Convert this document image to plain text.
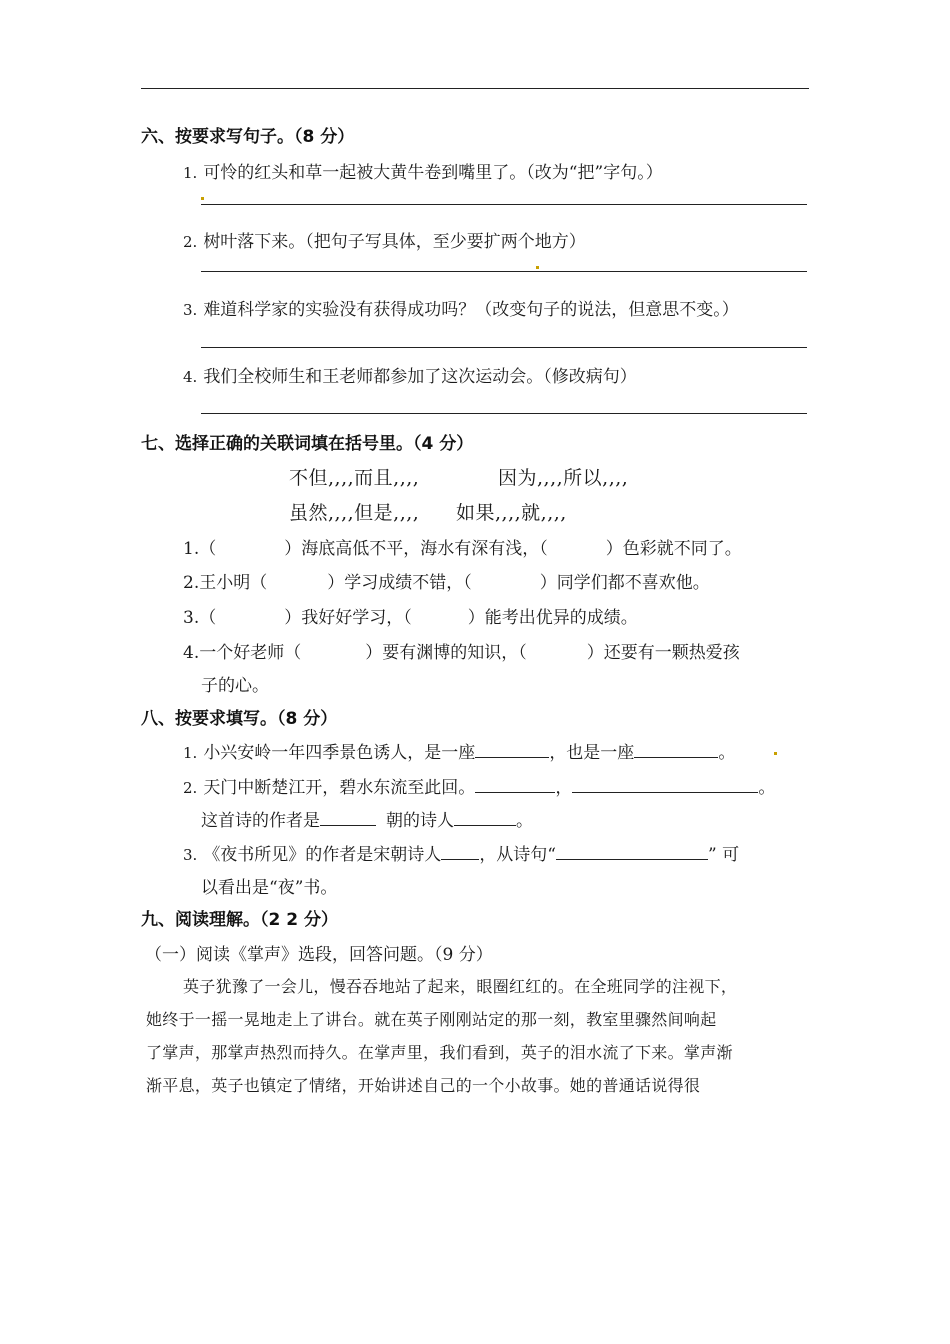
六、按要求写句子。（8 分）
1. 可怜的红头和草一起被大黄牛卷到嘴里了。（改为“把”字句。）
2. 树叶落下来。（把句子写具体，至少要扩两个地方）
3. 难道科学家的实验没有获得成功吗？（改变句子的说法，但意思不变。）
4. 我们全校师生和王老师都参加了这次运动会。（修改病句）
七、选择正确的关联词填在括号里。（4 分）
不但,,,,而且,,,,	因为,,,,所以,,,,
虽然,,,,但是,,,, 如果,,,,就,,,,
1.（	）海底高低不平，海水有深有浅，（	）色彩就不同了。
2.王小明（	）学习成绩不错，（	）同学们都不喜欢他。
3.（	）我好好学习，（	）能考出优异的成绩。
4.一个好老师（	）要有渊博的知识，（	）还要有一颗热爱孩
子的心。
八、按要求填写。（8 分）
1. 小兴安岭一年四季景色诱人，是一座	，也是一座	。
2. 天门中断楚江开，碧水东流至此回。	，	。
这首诗的作者是	朝的诗人	。
3. 《夜书所见》的作者是宋朝诗人 ，从诗句“	” 可
以看出是“夜”书。
九、阅读理解。（2 2 分）
（一）阅读《掌声》选段，回答问题。（9 分）
英子犹豫了一会儿，慢吞吞地站了起来，眼圈红红的。在全班同学的注视下，
她终于一摇一晃地走上了讲台。就在英子刚刚站定的那一刻，教室里骤然间响起
了掌声，那掌声热烈而持久。在掌声里，我们看到，英子的泪水流了下来。掌声渐
渐平息，英子也镇定了情绪，开始讲述自己的一个小故事。她的普通话说得很
